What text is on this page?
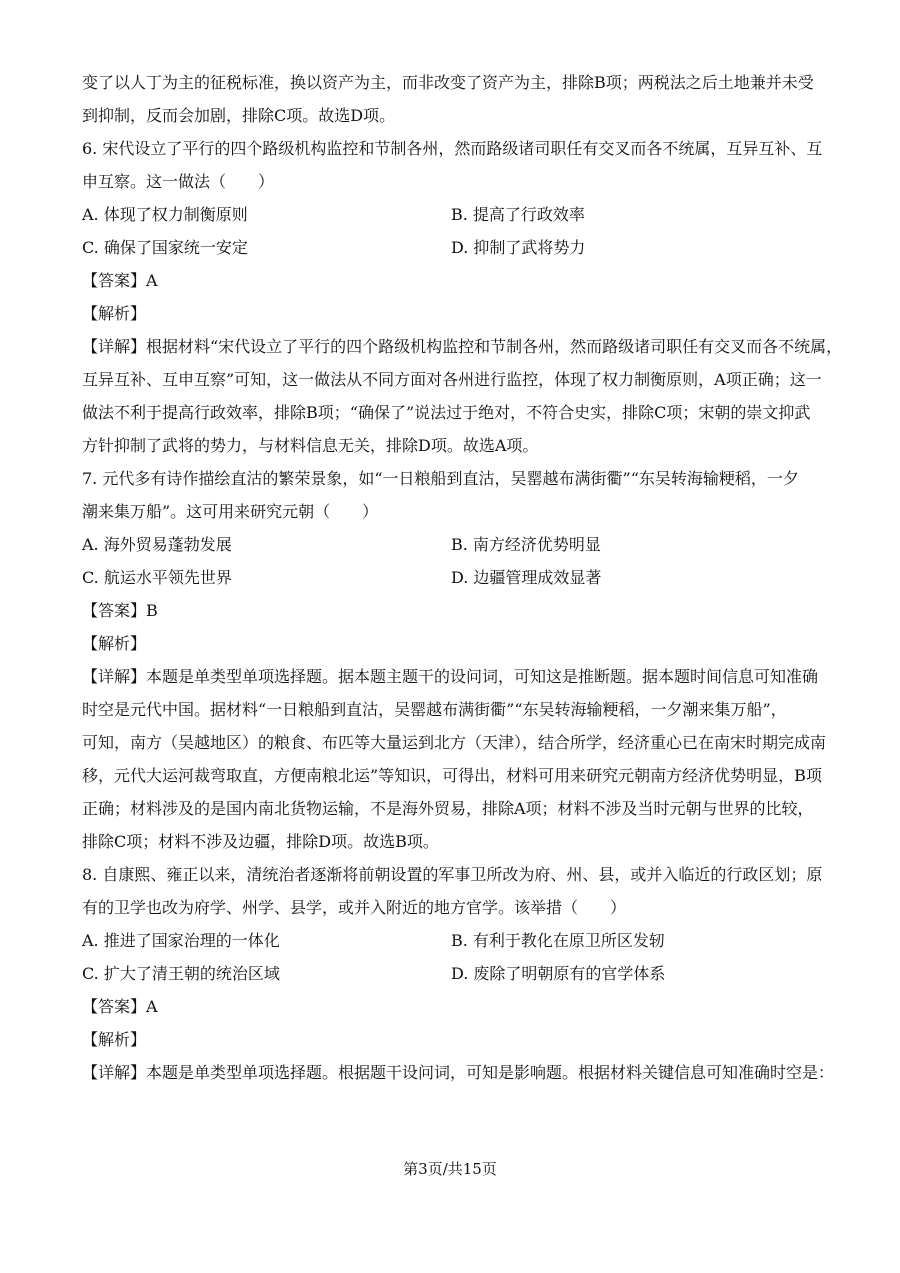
变了以人丁为主的征税标准，换以资产为主，而非改变了资产为主，排除B项；两税法之后土地兼并未受
到抑制，反而会加剧，排除C项。故选D项。
6. 宋代设立了平行的四个路级机构监控和节制各州，然而路级诸司职任有交叉而各不统属，互异互补、互
申互察。这一做法（　　）
A. 体现了权力制衡原则	B. 提高了行政效率
C. 确保了国家统一安定	D. 抑制了武将势力
【答案】A
【解析】
【详解】根据材料“宋代设立了平行的四个路级机构监控和节制各州，然而路级诸司职任有交叉而各不统属，
互异互补、互申互察”可知，这一做法从不同方面对各州进行监控，体现了权力制衡原则，A项正确；这一
做法不利于提高行政效率，排除B项；“确保了”说法过于绝对，不符合史实，排除C项；宋朝的崇文抑武
方针抑制了武将的势力，与材料信息无关，排除D项。故选A项。
7. 元代多有诗作描绘直沽的繁荣景象，如“一日粮船到直沽，吴罂越布满街衢”“东吴转海输粳稻，一夕
潮来集万船”。这可用来研究元朝（　　）
A. 海外贸易蓬勃发展	B. 南方经济优势明显
C. 航运水平领先世界	D. 边疆管理成效显著
【答案】B
【解析】
【详解】本题是单类型单项选择题。据本题主题干的设问词，可知这是推断题。据本题时间信息可知准确
时空是元代中国。据材料“一日粮船到直沽，吴罂越布满街衢”“东吴转海输粳稻，一夕潮来集万船”，
可知，南方（吴越地区）的粮食、布匹等大量运到北方（天津），结合所学，经济重心已在南宋时期完成南
移，元代大运河裁弯取直，方便南粮北运”等知识，可得出，材料可用来研究元朝南方经济优势明显，B项
正确；材料涉及的是国内南北货物运输，不是海外贸易，排除A项；材料不涉及当时元朝与世界的比较，
排除C项；材料不涉及边疆，排除D项。故选B项。
8. 自康熙、雍正以来，清统治者逐渐将前朝设置的军事卫所改为府、州、县，或并入临近的行政区划；原
有的卫学也改为府学、州学、县学，或并入附近的地方官学。该举措（　　）
A. 推进了国家治理的一体化	B. 有利于教化在原卫所区发轫
C. 扩大了清王朝的统治区域	D. 废除了明朝原有的官学体系
【答案】A
【解析】
【详解】本题是单类型单项选择题。根据题干设问词，可知是影响题。根据材料关键信息可知准确时空是：
第3页/共15页
